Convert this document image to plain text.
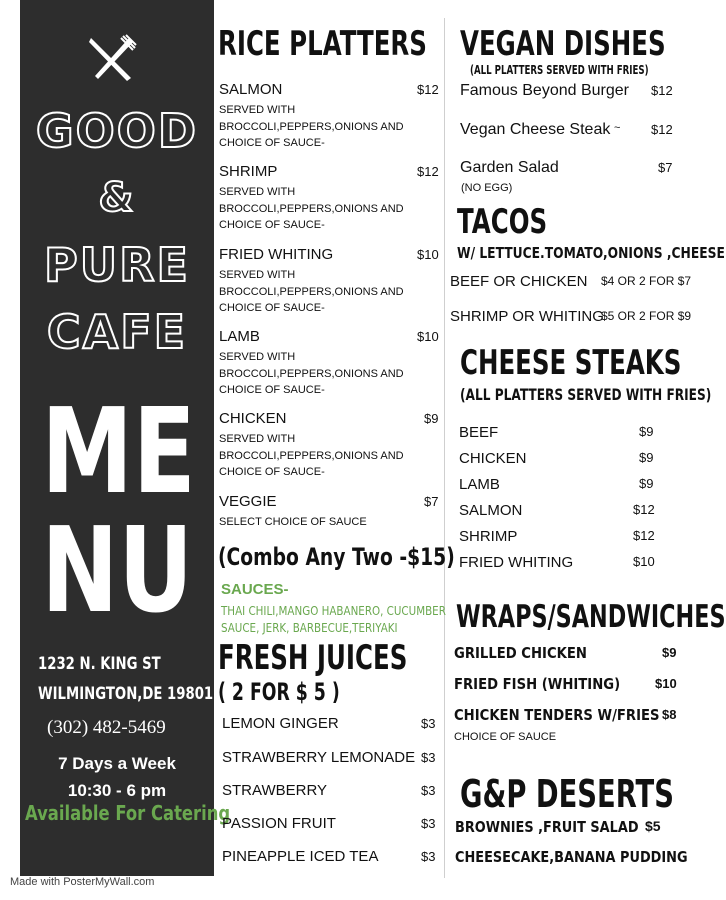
GOOD
&
PURE
CAFE
ME
NU
1232 N. KING ST
WILMINGTON,DE 19801
(302) 482-5469
7 Days a Week
10:30 - 6 pm
Available For Catering
RICE PLATTERS
SALMON	$12
SERVED WITH BROCCOLI,PEPPERS,ONIONS AND CHOICE OF SAUCE-
SHRIMP	$12
SERVED WITH BROCCOLI,PEPPERS,ONIONS AND CHOICE OF SAUCE-
FRIED WHITING	$10
SERVED WITH BROCCOLI,PEPPERS,ONIONS AND CHOICE OF SAUCE-
LAMB	$10
SERVED WITH BROCCOLI,PEPPERS,ONIONS AND CHOICE OF SAUCE-
CHICKEN	$9
SERVED WITH BROCCOLI,PEPPERS,ONIONS AND CHOICE OF SAUCE-
VEGGIE	$7
SELECT CHOICE OF SAUCE
(Combo Any Two -$15)
SAUCES-
THAI CHILI,MANGO HABANERO, CUCUMBER
SAUCE, JERK, BARBECUE,TERIYAKI
FRESH JUICES
( 2 FOR $ 5 )
LEMON GINGER	$3
STRAWBERRY LEMONADE $3
STRAWBERRY	$3
PASSION FRUIT	$3
PINEAPPLE ICED TEA	$3
VEGAN DISHES
(ALL PLATTERS SERVED WITH FRIES)
Famous Beyond Burger $12
Vegan Cheese Steak ~ $12
Garden Salad	$7
(NO EGG)
TACOS
W/ LETTUCE.TOMATO,ONIONS ,CHEESE
BEEF OR CHICKEN $4 OR 2 FOR $7
SHRIMP OR WHITING
$5 OR 2 FOR $9
CHEESE STEAKS
(ALL PLATTERS SERVED WITH FRIES)
BEEF	$9
CHICKEN	$9
LAMB	$9
SALMON	$12
SHRIMP	$12
FRIED WHITING	$10
WRAPS/SANDWICHES
GRILLED CHICKEN	$9
FRIED FISH (WHITING)	$10
CHICKEN TENDERS W/FRIES $8
CHOICE OF SAUCE
G&P DESERTS
BROWNIES ,FRUIT SALAD $5
CHEESECAKE,BANANA PUDDING
Made with PosterMyWall.com
